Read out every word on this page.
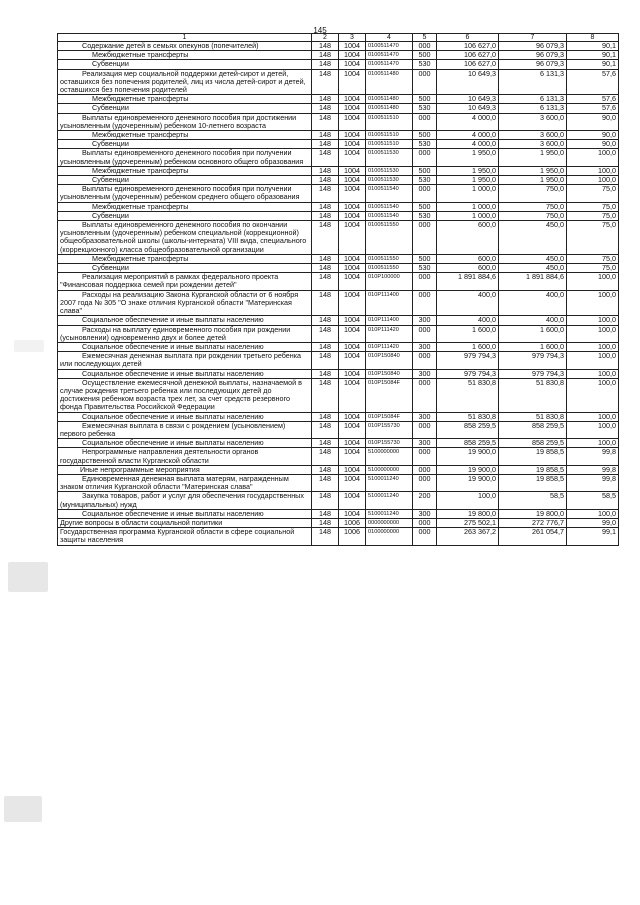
145
1	2	3	4	5	6	7	8
Содержание детей в семьях опекунов (попечителей)	148	1004	0100511470	000	106 627,0	96 079,3	90,1
Межбюджетные трансферты	148	1004	0100511470	500	106 627,0	96 079,3	90,1
Субвенции	148	1004	0100511470	530	106 627,0	96 079,3	90,1
Реализация мер социальной поддержки детей-сирот и детей, оставшихся без попечения родителей, лиц из числа детей-сирот и детей, оставшихся без попечения родителей	148	1004	0100511480	000	10 649,3	6 131,3	57,6
Межбюджетные трансферты	148	1004	0100511480	500	10 649,3	6 131,3	57,6
Субвенции	148	1004	0100511480	530	10 649,3	6 131,3	57,6
Выплаты единовременного денежного пособия при достижении усыновленным (удочеренным) ребенком 10-летнего возраста	148	1004	0100511510	000	4 000,0	3 600,0	90,0
Межбюджетные трансферты	148	1004	0100511510	500	4 000,0	3 600,0	90,0
Субвенции	148	1004	0100511510	530	4 000,0	3 600,0	90,0
Выплаты единовременного денежного пособия при получении усыновленным (удочеренным) ребенком основного общего образования	148	1004	0100511530	000	1 950,0	1 950,0	100,0
Межбюджетные трансферты	148	1004	0100511530	500	1 950,0	1 950,0	100,0
Субвенции	148	1004	0100511530	530	1 950,0	1 950,0	100,0
Выплаты единовременного денежного пособия при получении усыновленным (удочеренным) ребенком среднего общего образования	148	1004	0100511540	000	1 000,0	750,0	75,0
Межбюджетные трансферты	148	1004	0100511540	500	1 000,0	750,0	75,0
Субвенции	148	1004	0100511540	530	1 000,0	750,0	75,0
Выплаты единовременного денежного пособия по окончании усыновленным (удочеренным) ребенком специальной (коррекционной) общеобразовательной школы (школы-интерната) VIII вида, специального (коррекционного) класса общеобразовательной организации	148	1004	0100511550	000	600,0	450,0	75,0
Межбюджетные трансферты	148	1004	0100511550	500	600,0	450,0	75,0
Субвенции	148	1004	0100511550	530	600,0	450,0	75,0
Реализация мероприятий в рамках федерального проекта "Финансовая поддержка семей при рождении детей"	148	1004	010P100000	000	1 891 884,6	1 891 884,6	100,0
Расходы на реализацию Закона Курганской области от 6 ноября 2007 года № 305 "О знаке отличия Курганской области "Материнская слава"	148	1004	010P111400	000	400,0	400,0	100,0
Социальное обеспечение и иные выплаты населению	148	1004	010P111400	300	400,0	400,0	100,0
Расходы на выплату единовременного пособия при рождении (усыновлении) одновременно двух и более детей	148	1004	010P111420	000	1 600,0	1 600,0	100,0
Социальное обеспечение и иные выплаты населению	148	1004	010P111420	300	1 600,0	1 600,0	100,0
Ежемесячная денежная выплата при рождении третьего ребенка или последующих детей	148	1004	010P150840	000	979 794,3	979 794,3	100,0
Социальное обеспечение и иные выплаты населению	148	1004	010P150840	300	979 794,3	979 794,3	100,0
Осуществление ежемесячной денежной выплаты, назначаемой в случае рождения третьего ребенка или последующих детей до достижения ребенком возраста трех лет, за счет средств резервного фонда Правительства Российской Федерации	148	1004	010P15084F	000	51 830,8	51 830,8	100,0
Социальное обеспечение и иные выплаты населению	148	1004	010P15084F	300	51 830,8	51 830,8	100,0
Ежемесячная выплата в связи с рождением (усыновлением) первого ребенка	148	1004	010P155730	000	858 259,5	858 259,5	100,0
Социальное обеспечение и иные выплаты населению	148	1004	010P155730	300	858 259,5	858 259,5	100,0
Непрограммные направления деятельности органов государственной власти Курганской области	148	1004	5100000000	000	19 900,0	19 858,5	99,8
Иные непрограммные мероприятия	148	1004	5100000000	000	19 900,0	19 858,5	99,8
Единовременная денежная выплата матерям, награжденным знаком отличия Курганской области "Материнская слава"	148	1004	5100011240	000	19 900,0	19 858,5	99,8
Закупка товаров, работ и услуг для обеспечения государственных (муниципальных) нужд	148	1004	5100011240	200	100,0	58,5	58,5
Социальное обеспечение и иные выплаты населению	148	1004	5100011240	300	19 800,0	19 800,0	100,0
Другие вопросы в области социальной политики	148	1006	0000000000	000	275 502,1	272 776,7	99,0
Государственная программа Курганской области в сфере социальной защиты населения	148	1006	0100000000	000	263 367,2	261 054,7	99,1
